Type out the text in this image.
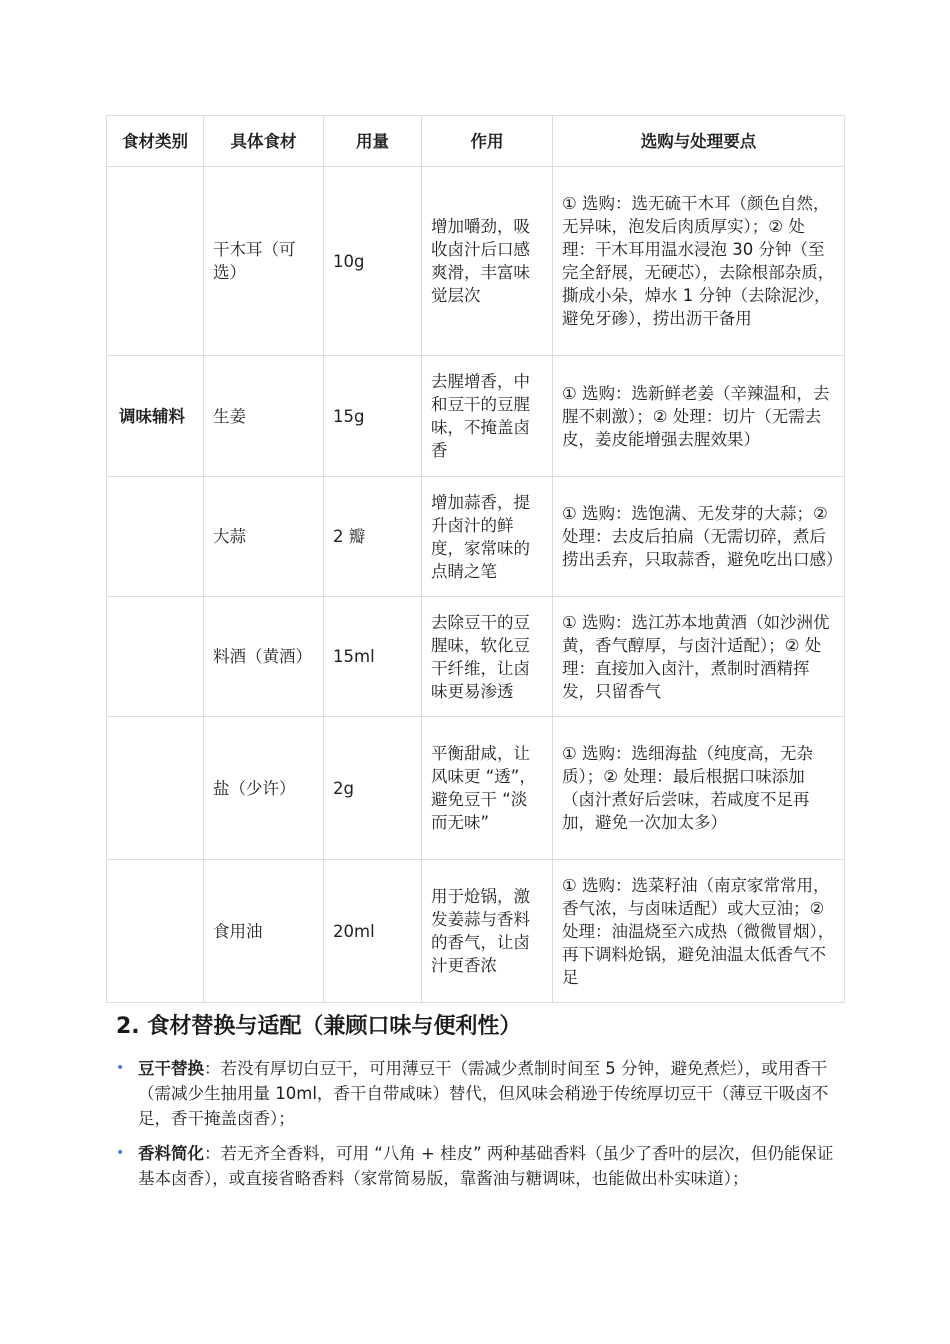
食材类别	具体食材	用量	作用	选购与处理要点
	干木耳（可选）	10g	增加嚼劲，吸收卤汁后口感爽滑，丰富味觉层次	① 选购：选无硫干木耳（颜色自然，无异味，泡发后肉质厚实）；② 处理：干木耳用温水浸泡 30 分钟（至完全舒展，无硬芯），去除根部杂质，撕成小朵，焯水 1 分钟（去除泥沙，避免牙碜），捞出沥干备用
调味辅料	生姜	15g	去腥增香，中和豆干的豆腥味，不掩盖卤香	① 选购：选新鲜老姜（辛辣温和，去腥不刺激）；② 处理：切片（无需去皮，姜皮能增强去腥效果）
	大蒜	2 瓣	增加蒜香，提升卤汁的鲜度，家常味的点睛之笔	① 选购：选饱满、无发芽的大蒜；② 处理：去皮后拍扁（无需切碎，煮后捞出丢弃，只取蒜香，避免吃出口感）
	料酒（黄酒）	15ml	去除豆干的豆腥味，软化豆干纤维，让卤味更易渗透	① 选购：选江苏本地黄酒（如沙洲优黄，香气醇厚，与卤汁适配）；② 处理：直接加入卤汁，煮制时酒精挥发，只留香气
	盐（少许）	2g	平衡甜咸，让风味更 “透”，避免豆干 “淡而无味”	① 选购：选细海盐（纯度高，无杂质）；② 处理：最后根据口味添加（卤汁煮好后尝味，若咸度不足再加，避免一次加太多）
	食用油	20ml	用于炝锅，激发姜蒜与香料的香气，让卤汁更香浓	① 选购：选菜籽油（南京家常常用，香气浓，与卤味适配）或大豆油；② 处理：油温烧至六成热（微微冒烟），再下调料炝锅，避免油温太低香气不足
2. 食材替换与适配（兼顾口味与便利性）
• 豆干替换：若没有厚切白豆干，可用薄豆干（需减少煮制时间至 5 分钟，避免煮烂），或用香干（需减少生抽用量 10ml，香干自带咸味）替代，但风味会稍逊于传统厚切豆干（薄豆干吸卤不足，香干掩盖卤香）；
• 香料简化：若无齐全香料，可用 “八角 + 桂皮” 两种基础香料（虽少了香叶的层次，但仍能保证基本卤香），或直接省略香料（家常简易版，靠酱油与糖调味，也能做出朴实味道）；
